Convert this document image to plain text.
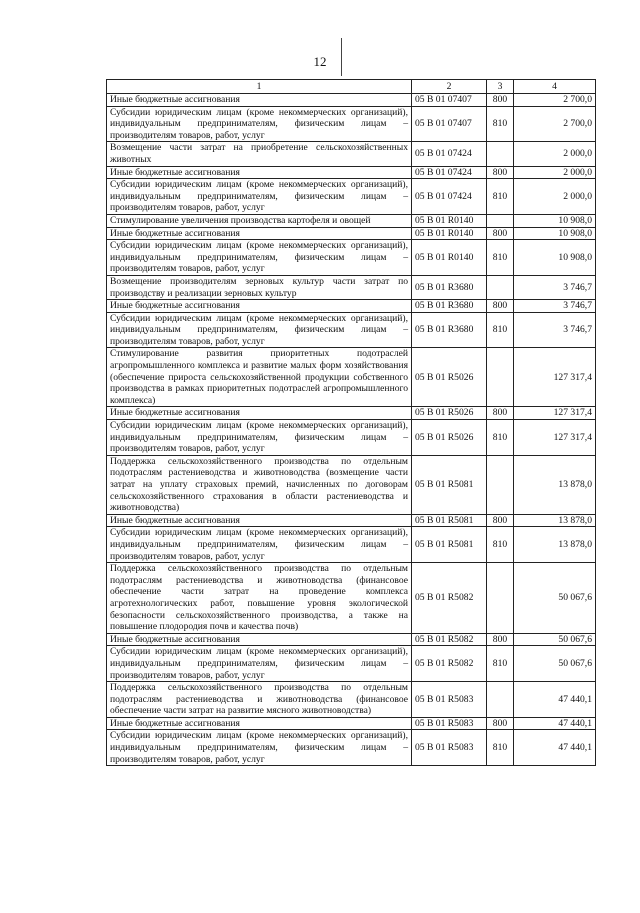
12
1	2	3	4
Иные бюджетные ассигнования	05 В 01 07407	800	2 700,0
Субсидии юридическим лицам (кроме некоммерческих организаций), индивидуальным предпринимателям, физическим лицам – производителям товаров, работ, услуг	05 В 01 07407	810	2 700,0
Возмещение части затрат на приобретение сельскохозяйственных животных	05 В 01 07424		2 000,0
Иные бюджетные ассигнования	05 В 01 07424	800	2 000,0
Субсидии юридическим лицам (кроме некоммерческих организаций), индивидуальным предпринимателям, физическим лицам – производителям товаров, работ, услуг	05 В 01 07424	810	2 000,0
Стимулирование увеличения производства картофеля и овощей	05 В 01 R0140		10 908,0
Иные бюджетные ассигнования	05 В 01 R0140	800	10 908,0
Субсидии юридическим лицам (кроме некоммерческих организаций), индивидуальным предпринимателям, физическим лицам – производителям товаров, работ, услуг	05 В 01 R0140	810	10 908,0
Возмещение производителям зерновых культур части затрат по производству и реализации зерновых культур	05 В 01 R3680		3 746,7
Иные бюджетные ассигнования	05 В 01 R3680	800	3 746,7
Субсидии юридическим лицам (кроме некоммерческих организаций), индивидуальным предпринимателям, физическим лицам – производителям товаров, работ, услуг	05 В 01 R3680	810	3 746,7
Стимулирование развития приоритетных подотраслей агропромышленного комплекса и развитие малых форм хозяйствования (обеспечение прироста сельскохозяйственной продукции собственного производства в рамках приоритетных подотраслей агропромышленного комплекса)	05 В 01 R5026		127 317,4
Иные бюджетные ассигнования	05 В 01 R5026	800	127 317,4
Субсидии юридическим лицам (кроме некоммерческих организаций), индивидуальным предпринимателям, физическим лицам – производителям товаров, работ, услуг	05 В 01 R5026	810	127 317,4
Поддержка сельскохозяйственного производства по отдельным подотраслям растениеводства и животноводства (возмещение части затрат на уплату страховых премий, начисленных по договорам сельскохозяйственного страхования в области растениеводства и животноводства)	05 В 01 R5081		13 878,0
Иные бюджетные ассигнования	05 В 01 R5081	800	13 878,0
Субсидии юридическим лицам (кроме некоммерческих организаций), индивидуальным предпринимателям, физическим лицам – производителям товаров, работ, услуг	05 В 01 R5081	810	13 878,0
Поддержка сельскохозяйственного производства по отдельным подотраслям растениеводства и животноводства (финансовое обеспечение части затрат на проведение комплекса агротехнологических работ, повышение уровня экологической безопасности сельскохозяйственного производства, а также на повышение плодородия почв и качества почв)	05 В 01 R5082		50 067,6
Иные бюджетные ассигнования	05 В 01 R5082	800	50 067,6
Субсидии юридическим лицам (кроме некоммерческих организаций), индивидуальным предпринимателям, физическим лицам – производителям товаров, работ, услуг	05 В 01 R5082	810	50 067,6
Поддержка сельскохозяйственного производства по отдельным подотраслям растениеводства и животноводства (финансовое обеспечение части затрат на развитие мясного животноводства)	05 В 01 R5083		47 440,1
Иные бюджетные ассигнования	05 В 01 R5083	800	47 440,1
Субсидии юридическим лицам (кроме некоммерческих организаций), индивидуальным предпринимателям, физическим лицам – производителям товаров, работ, услуг	05 В 01 R5083	810	47 440,1
